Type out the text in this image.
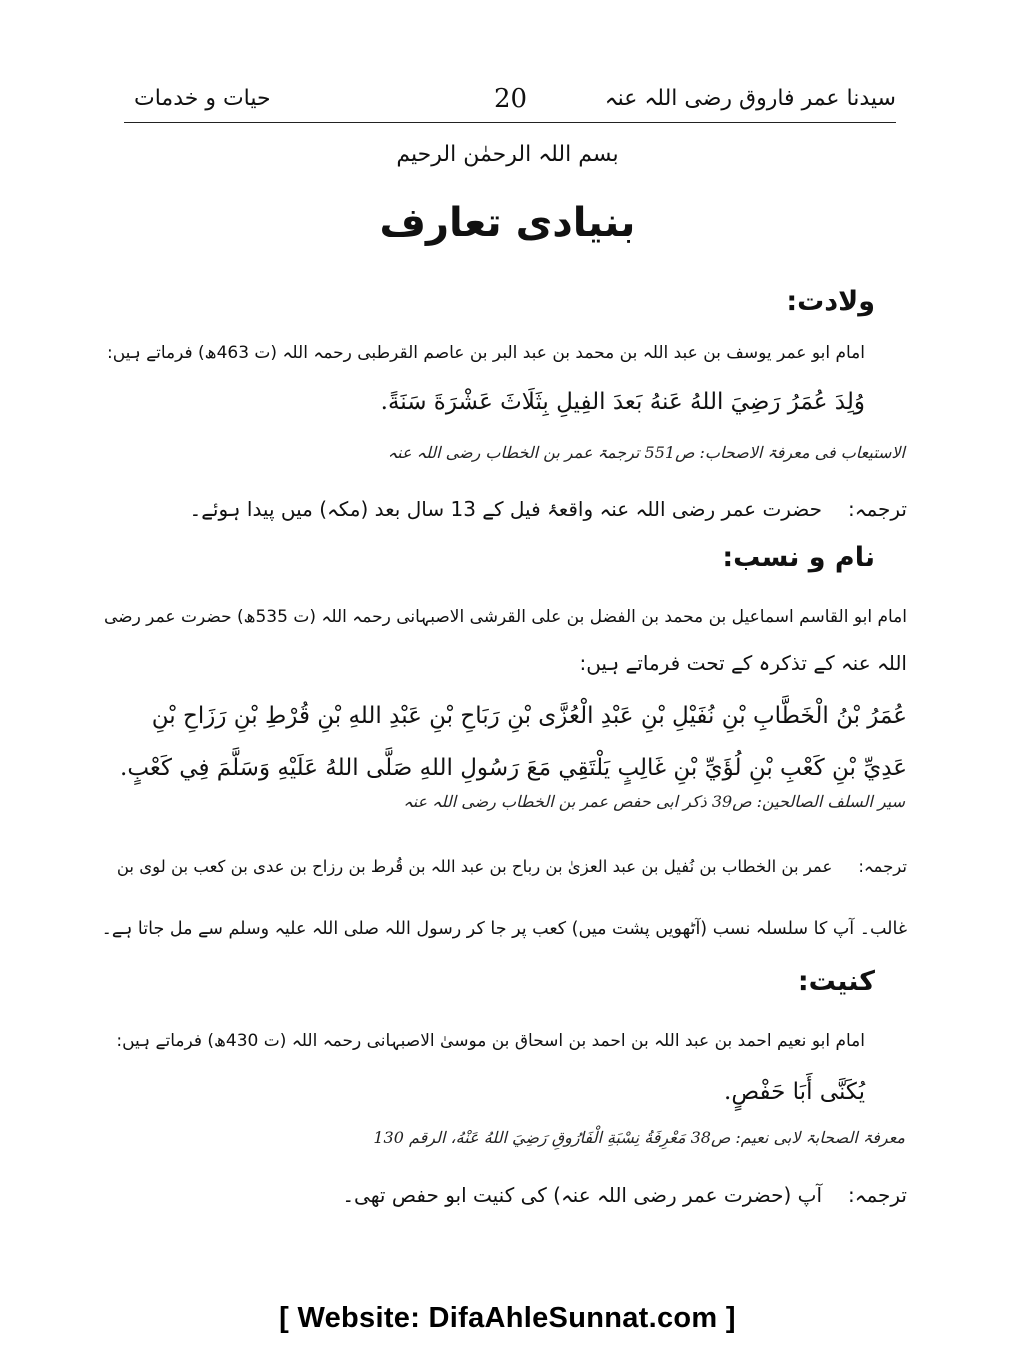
سیدنا عمر فاروق رضی اللہ عنہ
20
حیات و خدمات
بسم اللہ الرحمٰن الرحیم
بنیادی تعارف
ولادت:
امام ابو عمر یوسف بن عبد اللہ بن محمد بن عبد البر بن عاصم القرطبی رحمہ اللہ (ت 463ھ) فرماتے ہیں:
وُلِدَ عُمَرُ رَضِيَ اللهُ عَنهُ بَعدَ الفِيلِ بِثَلَاثَ عَشْرَةَ سَنَةً.
الاستیعاب فی معرفۃ الاصحاب: ص551 ترجمۃ عمر بن الخطاب رضی اللہ عنہ
ترجمہ:حضرت عمر رضی اللہ عنہ واقعۂ فیل کے 13 سال بعد (مکہ) میں پیدا ہوئے۔
نام و نسب:
امام ابو القاسم اسماعیل بن محمد بن الفضل بن علی القرشی الاصبہانی رحمہ اللہ (ت 535ھ) حضرت عمر رضی
اللہ عنہ کے تذکرہ کے تحت فرماتے ہیں:
عُمَرُ بْنُ الْخَطَّابِ بْنِ نُفَيْلِ بْنِ عَبْدِ الْعُزَّى بْنِ رَبَاحِ بْنِ عَبْدِ اللهِ بْنِ قُرْطِ بْنِ رَزَاحِ بْنِ
عَدِيِّ بْنِ كَعْبِ بْنِ لُؤَيِّ بْنِ غَالِبٍ يَلْتَقِي مَعَ رَسُولِ اللهِ صَلَّى اللهُ عَلَيْهِ وَسَلَّمَ فِي كَعْبٍ.
سیر السلف الصالحین: ص39 ذکر ابی حفص عمر بن الخطاب رضی اللہ عنہ
ترجمہ:عمر بن الخطاب بن نُفیل بن عبد العزیٰ بن رباح بن عبد اللہ بن قُرط بن رزاح بن عدی بن کعب بن لوی بن
غالب۔ آپ کا سلسلہ نسب (آٹھویں پشت میں) کعب پر جا کر رسول اللہ صلی اللہ علیہ وسلم سے مل جاتا ہے۔
کنیت:
امام ابو نعیم احمد بن عبد اللہ بن احمد بن اسحاق بن موسیٰ الاصبہانی رحمہ اللہ (ت 430ھ) فرماتے ہیں:
يُكَنَّى أَبَا حَفْصٍ.
معرفۃ الصحابۃ لابی نعیم: ص38 مَعْرِفَةُ نِسْبَةِ الْفَارُوقِ رَضِيَ اللهُ عَنْهُ، الرقم 130
ترجمہ:آپ (حضرت عمر رضی اللہ عنہ) کی کنیت ابو حفص تھی۔
[ Website: DifaAhleSunnat.com ]
